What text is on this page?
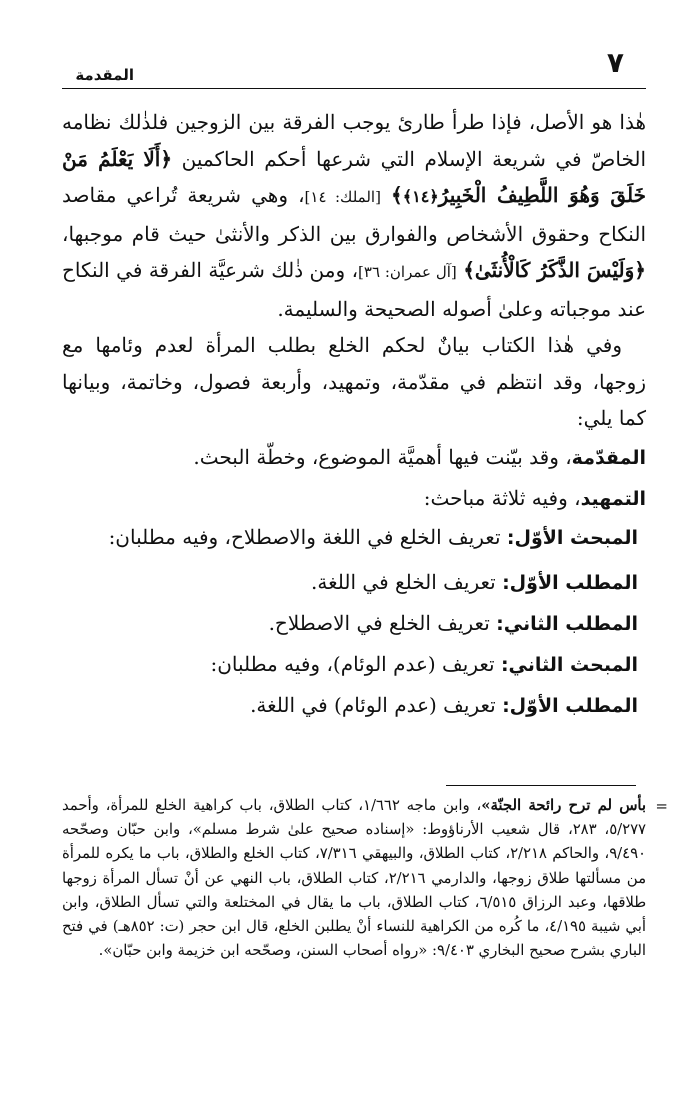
٧
المقدمة

هٰذا هو الأصل، فإذا طرأ طارئ يوجب الفرقة بين الزوجين فلذٰلك نظامه الخاصّ في شريعة الإسلام التي شرعها أحكم الحاكمين ﴿أَلَا يَعْلَمُ مَنْ خَلَقَ وَهُوَ اللَّطِيفُ الْخَبِيرُ﴿١٤﴾﴾ [الملك: ١٤]، وهي شريعة تُراعي مقاصد النكاح وحقوق الأشخاص والفوارق بين الذكر والأنثىٰ حيث قام موجبها، ﴿وَلَيْسَ الذَّكَرُ كَالْأُنثَىٰ﴾ [آل عمران: ٣٦]، ومن ذٰلك شرعيَّة الفرقة في النكاح عند موجباته وعلىٰ أصوله الصحيحة والسليمة.

وفي هٰذا الكتاب بيانٌ لحكم الخلع بطلب المرأة لعدم وئامها مع زوجها، وقد انتظم في مقدّمة، وتمهيد، وأربعة فصول، وخاتمة، وبيانها كما يلي:

المقدّمة، وقد بيّنت فيها أهميَّة الموضوع، وخطّة البحث.
التمهيد، وفيه ثلاثة مباحث:
المبحث الأوّل: تعريف الخلع في اللغة والاصطلاح، وفيه مطلبان:
المطلب الأوّل: تعريف الخلع في اللغة.
المطلب الثاني: تعريف الخلع في الاصطلاح.
المبحث الثاني: تعريف (عدم الوئام)، وفيه مطلبان:
المطلب الأوّل: تعريف (عدم الوئام) في اللغة.
=
بأس لم ترح رائحة الجنّة»، وابن ماجه ١/٦٦٢، كتاب الطلاق، باب كراهية الخلع للمرأة، وأحمد ٥/٢٧٧، ٢٨٣، قال شعيب الأرناؤوط: «إسناده صحيح علىٰ شرط مسلم»، وابن حبّان وصحّحه ٩/٤٩٠، والحاكم ٢/٢١٨، كتاب الطلاق، والبيهقي ٧/٣١٦، كتاب الخلع والطلاق، باب ما يكره للمرأة من مسألتها طلاق زوجها، والدارمي ٢/٢١٦، كتاب الطلاق، باب النهي عن أنْ تسأل المرأة زوجها طلاقها، وعبد الرزاق ٦/٥١٥، كتاب الطلاق، باب ما يقال في المختلعة والتي تسأل الطلاق، وابن أبي شيبة ٤/١٩٥، ما كُره من الكراهية للنساء أنْ يطلبن الخلع، قال ابن حجر (ت: ٨٥٢هـ) في فتح الباري بشرح صحيح البخاري ٩/٤٠٣: «رواه أصحاب السنن، وصحّحه ابن خزيمة وابن حبّان».
